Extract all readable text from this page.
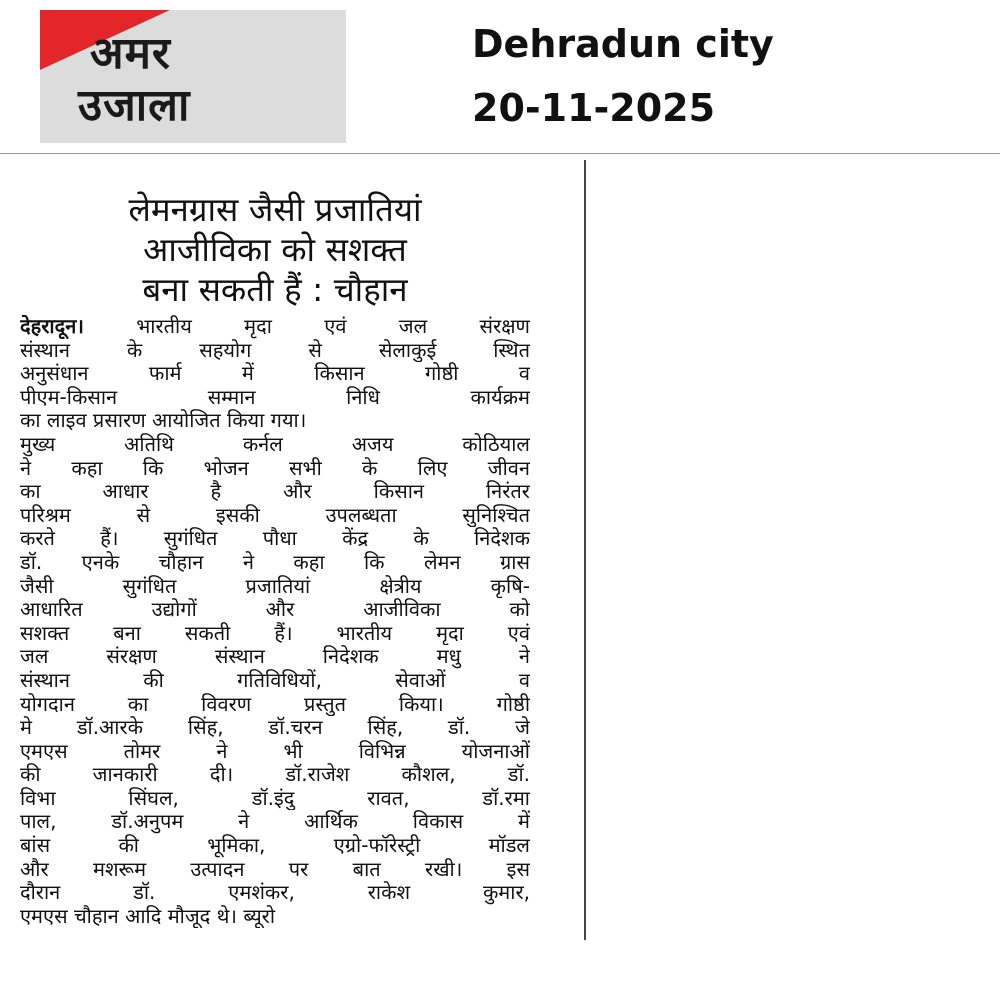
अमर
उजाला
Dehradun city
20-11-2025
लेमनग्रास जैसी प्रजातियां
आजीविका को सशक्त
बना सकती हैं : चौहान
देहरादून। भारतीय मृदा एवं जल संरक्षण
संस्थान के सहयोग से सेलाकुई स्थित
अनुसंधान फार्म में किसान गोष्ठी व
पीएम-किसान सम्मान निधि कार्यक्रम
का लाइव प्रसारण आयोजित किया गया।
मुख्य अतिथि कर्नल अजय कोठियाल
ने कहा कि भोजन सभी के लिए जीवन
का आधार है और किसान निरंतर
परिश्रम से इसकी उपलब्धता सुनिश्चित
करते हैं। सुगंधित पौधा केंद्र के निदेशक
डॉ. एनके चौहान ने कहा कि लेमन ग्रास
जैसी सुगंधित प्रजातियां क्षेत्रीय कृषि-
आधारित उद्योगों और आजीविका को
सशक्त बना सकती हैं। भारतीय मृदा एवं
जल संरक्षण संस्थान निदेशक मधु ने
संस्थान की गतिविधियों, सेवाओं व
योगदान का विवरण प्रस्तुत किया। गोष्ठी
मे डॉ.आरके सिंह, डॉ.चरन सिंह, डॉ. जे
एमएस तोमर ने भी विभिन्न योजनाओं
की जानकारी दी। डॉ.राजेश कौशल, डॉ.
विभा सिंघल, डॉ.इंदु रावत, डॉ.रमा
पाल, डॉ.अनुपम ने आर्थिक विकास में
बांस की भूमिका, एग्रो-फॉरेस्ट्री मॉडल
और मशरूम उत्पादन पर बात रखी। इस
दौरान डॉ. एमशंकर, राकेश कुमार,
एमएस चौहान आदि मौजूद थे। ब्यूरो
